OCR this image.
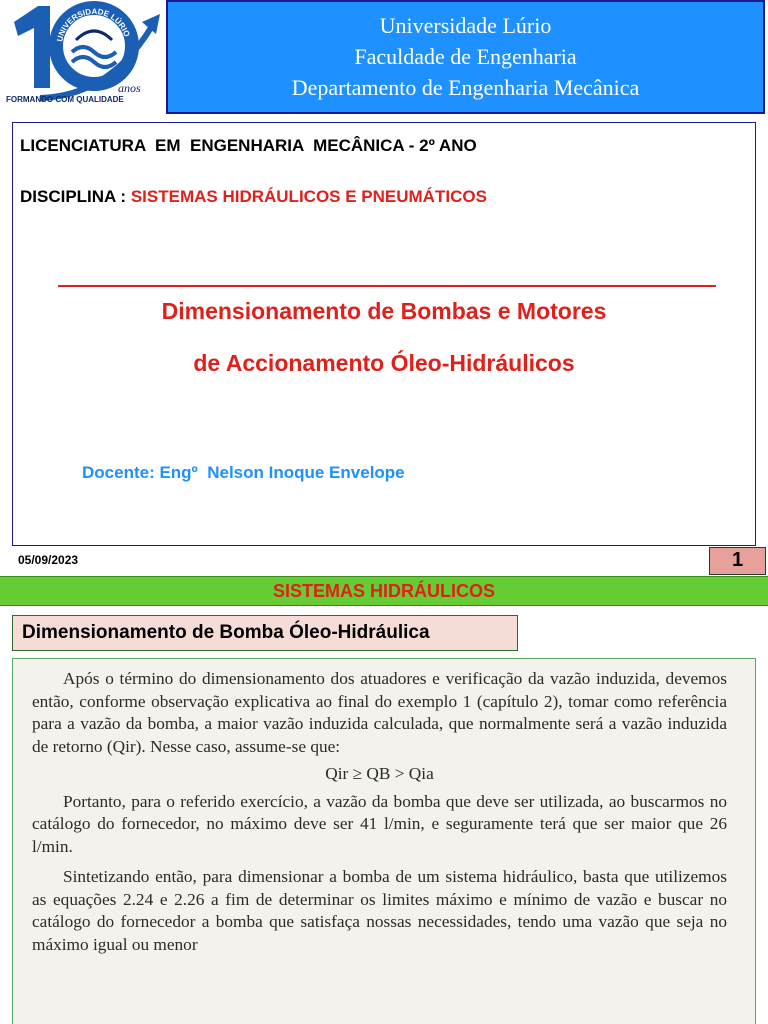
UNIVERSIDADE LÚRIO
anos
FORMANDO COM QUALIDADE
Universidade Lúrio
Faculdade de Engenharia
Departamento de Engenharia Mecânica
LICENCIATURA  EM  ENGENHARIA  MECÂNICA - 2º ANO
DISCIPLINA : SISTEMAS HIDRÁULICOS E PNEUMÁTICOS
Dimensionamento de Bombas e Motores
de Accionamento Óleo-Hidráulicos
Docente: Engº  Nelson Inoque Envelope
05/09/2023	1
SISTEMAS HIDRÁULICOS
Dimensionamento de Bomba Óleo-Hidráulica

Após o término do dimensionamento dos atuadores e verificação da vazão induzida, devemos então, conforme observação explicativa ao final do exemplo 1 (capítulo 2), tomar como referência para a vazão da bomba, a maior vazão induzida calculada, que normalmente será a vazão induzida de retorno (Qir). Nesse caso, assume-se que:

Qir ≥ QB > Qia

Portanto, para o referido exercício, a vazão da bomba que deve ser utilizada, ao buscarmos no catálogo do fornecedor, no máximo deve ser 41 l/min, e seguramente terá que ser maior que 26 l/min.

Sintetizando então, para dimensionar a bomba de um sistema hidráulico, basta que utilizemos as equações 2.24 e 2.26 a fim de determinar os limites máximo e mínimo de vazão e buscar no catálogo do fornecedor a bomba que satisfaça nossas necessidades, tendo uma vazão que seja no máximo igual ou menor
